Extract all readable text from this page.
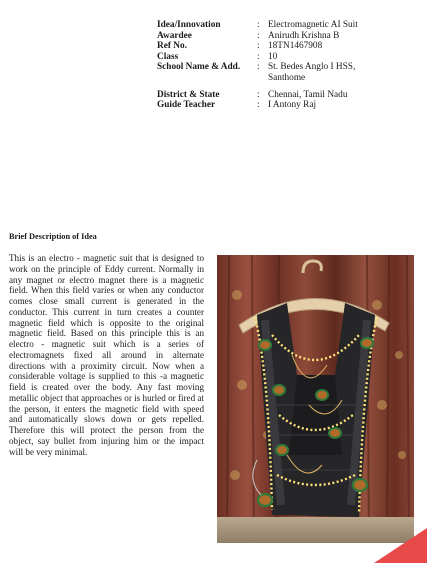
Idea/Innovation	: Electromagnetic AI Suit
Awardee	: Anirudh Krishna B
Ref No.	: 18TN1467908
Class	: 10
School Name & Add. : St. Bedes Anglo I HSS, Santhome
District & State	: Chennai, Tamil Nadu
Guide Teacher	: I Antony Raj
Brief Description of Idea
This is an electro - magnetic suit that is designed to work on the principle of Eddy current. Normally in any magnet or electro magnet there is a magnetic field. When this field varies or when any conductor comes close small current is generated in the conductor. This current in turn creates a counter magnetic field which is opposite to the original magnetic field. Based on this principle this is an electro - magnetic suit which is a series of electromagnets fixed all around in alternate directions with a proximity circuit. Now when a considerable voltage is supplied to this -a magnetic field is created over the body. Any fast moving metallic object that approaches or is hurled or fired at the person, it enters the magnetic field with speed and automatically slows down or gets repelled. Therefore this will protect the person from the object, say bullet from injuring him or the impact will be very minimal.
